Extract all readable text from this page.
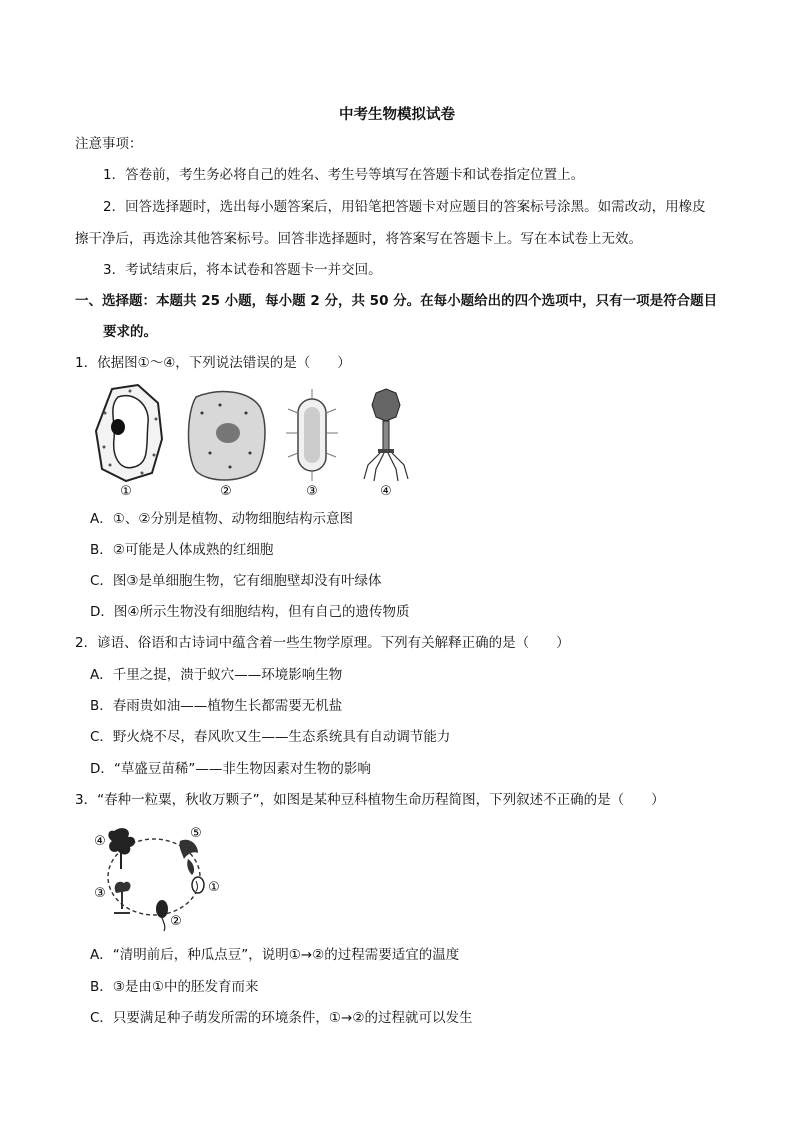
中考生物模拟试卷
注意事项：
1．答卷前，考生务必将自己的姓名、考生号等填写在答题卡和试卷指定位置上。
2．回答选择题时，选出每小题答案后，用铅笔把答题卡对应题目的答案标号涂黑。如需改动，用橡皮
擦干净后，再选涂其他答案标号。回答非选择题时，将答案写在答题卡上。写在本试卷上无效。
3．考试结束后，将本试卷和答题卡一并交回。
一、选择题：本题共 25 小题，每小题 2 分，共 50 分。在每小题给出的四个选项中，只有一项是符合题目
要求的。
1．依据图①～④，下列说法错误的是（　　）
①	②	③	④
A．①、②分别是植物、动物细胞结构示意图
B．②可能是人体成熟的红细胞
C．图③是单细胞生物，它有细胞壁却没有叶绿体
D．图④所示生物没有细胞结构，但有自己的遗传物质
2．谚语、俗语和古诗词中蕴含着一些生物学原理。下列有关解释正确的是（　　）
A．千里之提，溃于蚁穴——环境影响生物
B．春雨贵如油——植物生长都需要无机盐
C．野火烧不尽，春风吹又生——生态系统具有自动调节能力
D．“草盛豆苗稀”——非生物因素对生物的影响
3．“春种一粒粟，秋收万颗子”，如图是某种豆科植物生命历程简图，下列叙述不正确的是（　　）
④
⑤
③	①
②
A．“清明前后，种瓜点豆”，说明①→②的过程需要适宜的温度
B．③是由①中的胚发育而来
C．只要满足种子萌发所需的环境条件，①→②的过程就可以发生
